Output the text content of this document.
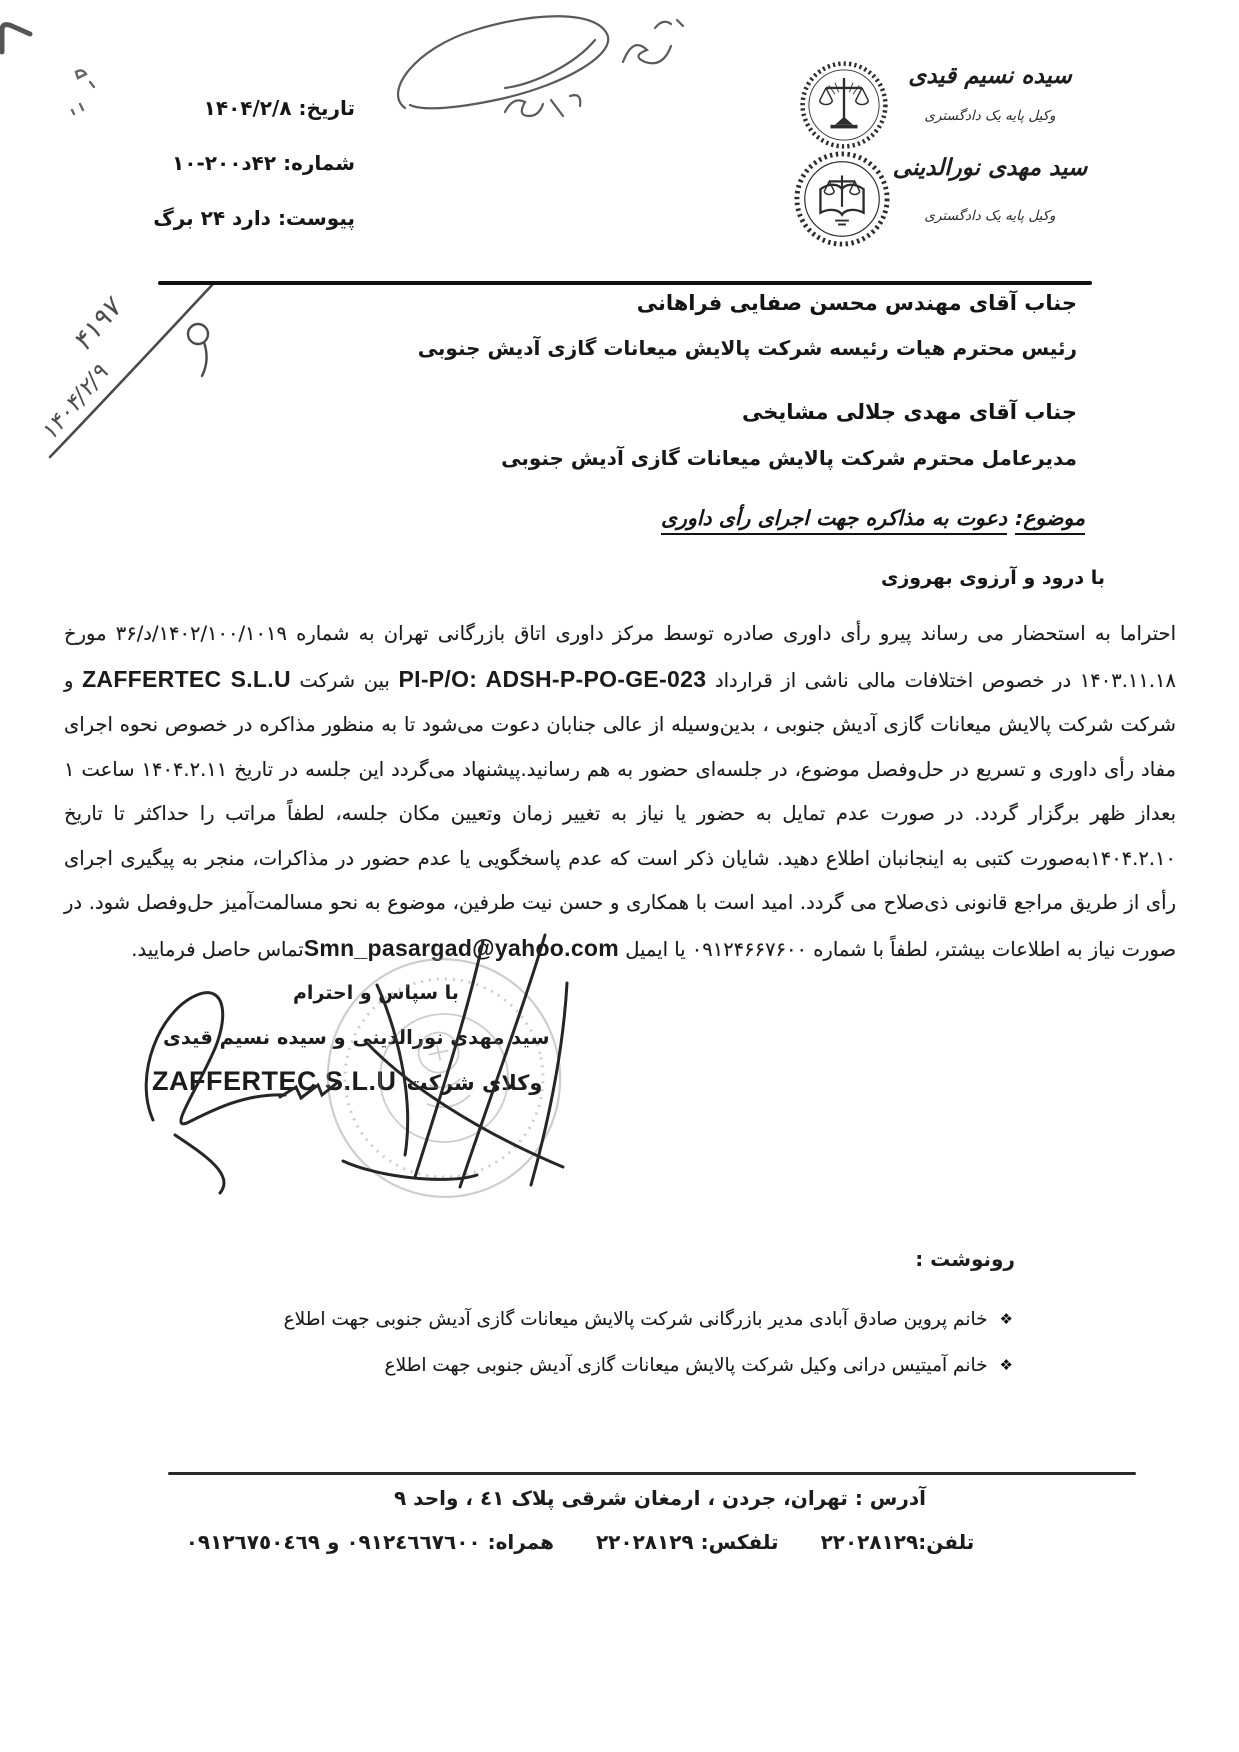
۴۱۹۷
۱۴۰۴/۲/۹
تاریخ:۱۴۰۴/۲/۸
شماره:۴۲د۲۰۰-۱۰
پیوست:دارد ۲۴ برگ
سیده نسیم قیدی
وکیل پایه یک دادگستری
سید مهدی نورالدینی
وکیل پایه یک دادگستری
جناب آقای مهندس محسن صفایی فراهانی
رئیس محترم هیات رئیسه شرکت پالایش میعانات گازی آدیش جنوبی
جناب آقای مهدی جلالی مشایخی
مدیرعامل محترم شرکت پالایش میعانات گازی آدیش جنوبی
موضوع:دعوت به مذاکره جهت اجرای رأی داوری
با درود و آرزوی بهروزی
احتراما به استحضار می رساند پیرو رأی داوری صادره توسط مرکز داوری اتاق بازرگانی تهران به شماره ۱۴۰۲/۱۰۰/۱۰۱۹/د/۳۶ مورخ ۱۴۰۳.۱۱.۱۸ در خصوص اختلافات مالی ناشی از قرارداد PI-P/O: ADSH-P-PO-GE-023 بین شرکت ZAFFERTEC S.L.U و شرکت شرکت پالایش میعانات گازی آدیش جنوبی ، بدین‌وسیله از عالی جنابان دعوت می‌شود تا به منظور مذاکره در خصوص نحوه اجرای مفاد رأی داوری و تسریع در حل‌وفصل موضوع، در جلسه‌ای حضور به هم رسانید.پیشنهاد می‌گردد این جلسه در تاریخ ۱۴۰۴.۲.۱۱ ساعت ۱ بعداز ظهر برگزار گردد. در صورت عدم تمایل به حضور یا نیاز به تغییر زمان وتعیین مکان جلسه، لطفاً مراتب را حداکثر تا تاریخ ۱۴۰۴.۲.۱۰به‌صورت کتبی به اینجانبان اطلاع دهید. شایان ذکر است که عدم پاسخگویی یا عدم حضور در مذاکرات، منجر به پیگیری اجرای رأی از طریق مراجع قانونی ذی‌صلاح می گردد. امید است با همکاری و حسن نیت طرفین، موضوع به نحو مسالمت‌آمیز حل‌وفصل شود. در صورت نیاز به اطلاعات بیشتر، لطفاً با شماره ۰۹۱۲۴۶۶۷۶۰۰ یا ایمیل Smn_pasargad@yahoo.comتماس حاصل فرمایید.
با سپاس و احترام
سید مهدی نورالدینی و سیده نسیم قیدی
وکلای شرکتZAFFERTEC S.L.U
رونوشت :
❖
خانم پروین صادق آبادی مدیر بازرگانی شرکت پالایش میعانات گازی آدیش جنوبی جهت اطلاع
❖
خانم آمیتیس درانی وکیل شرکت پالایش میعانات گازی آدیش جنوبی جهت اطلاع
آدرس : تهران، جردن ، ارمغان شرقی پلاک ٤١ ، واحد ٩
تلفن:٢٢٠٢٨١٢٩
تلفکس: ٢٢٠٢٨١٢٩
همراه: ٠٩١٢٤٦٦٧٦٠٠ و ٠٩١٢٦٧٥٠٤٦٩
